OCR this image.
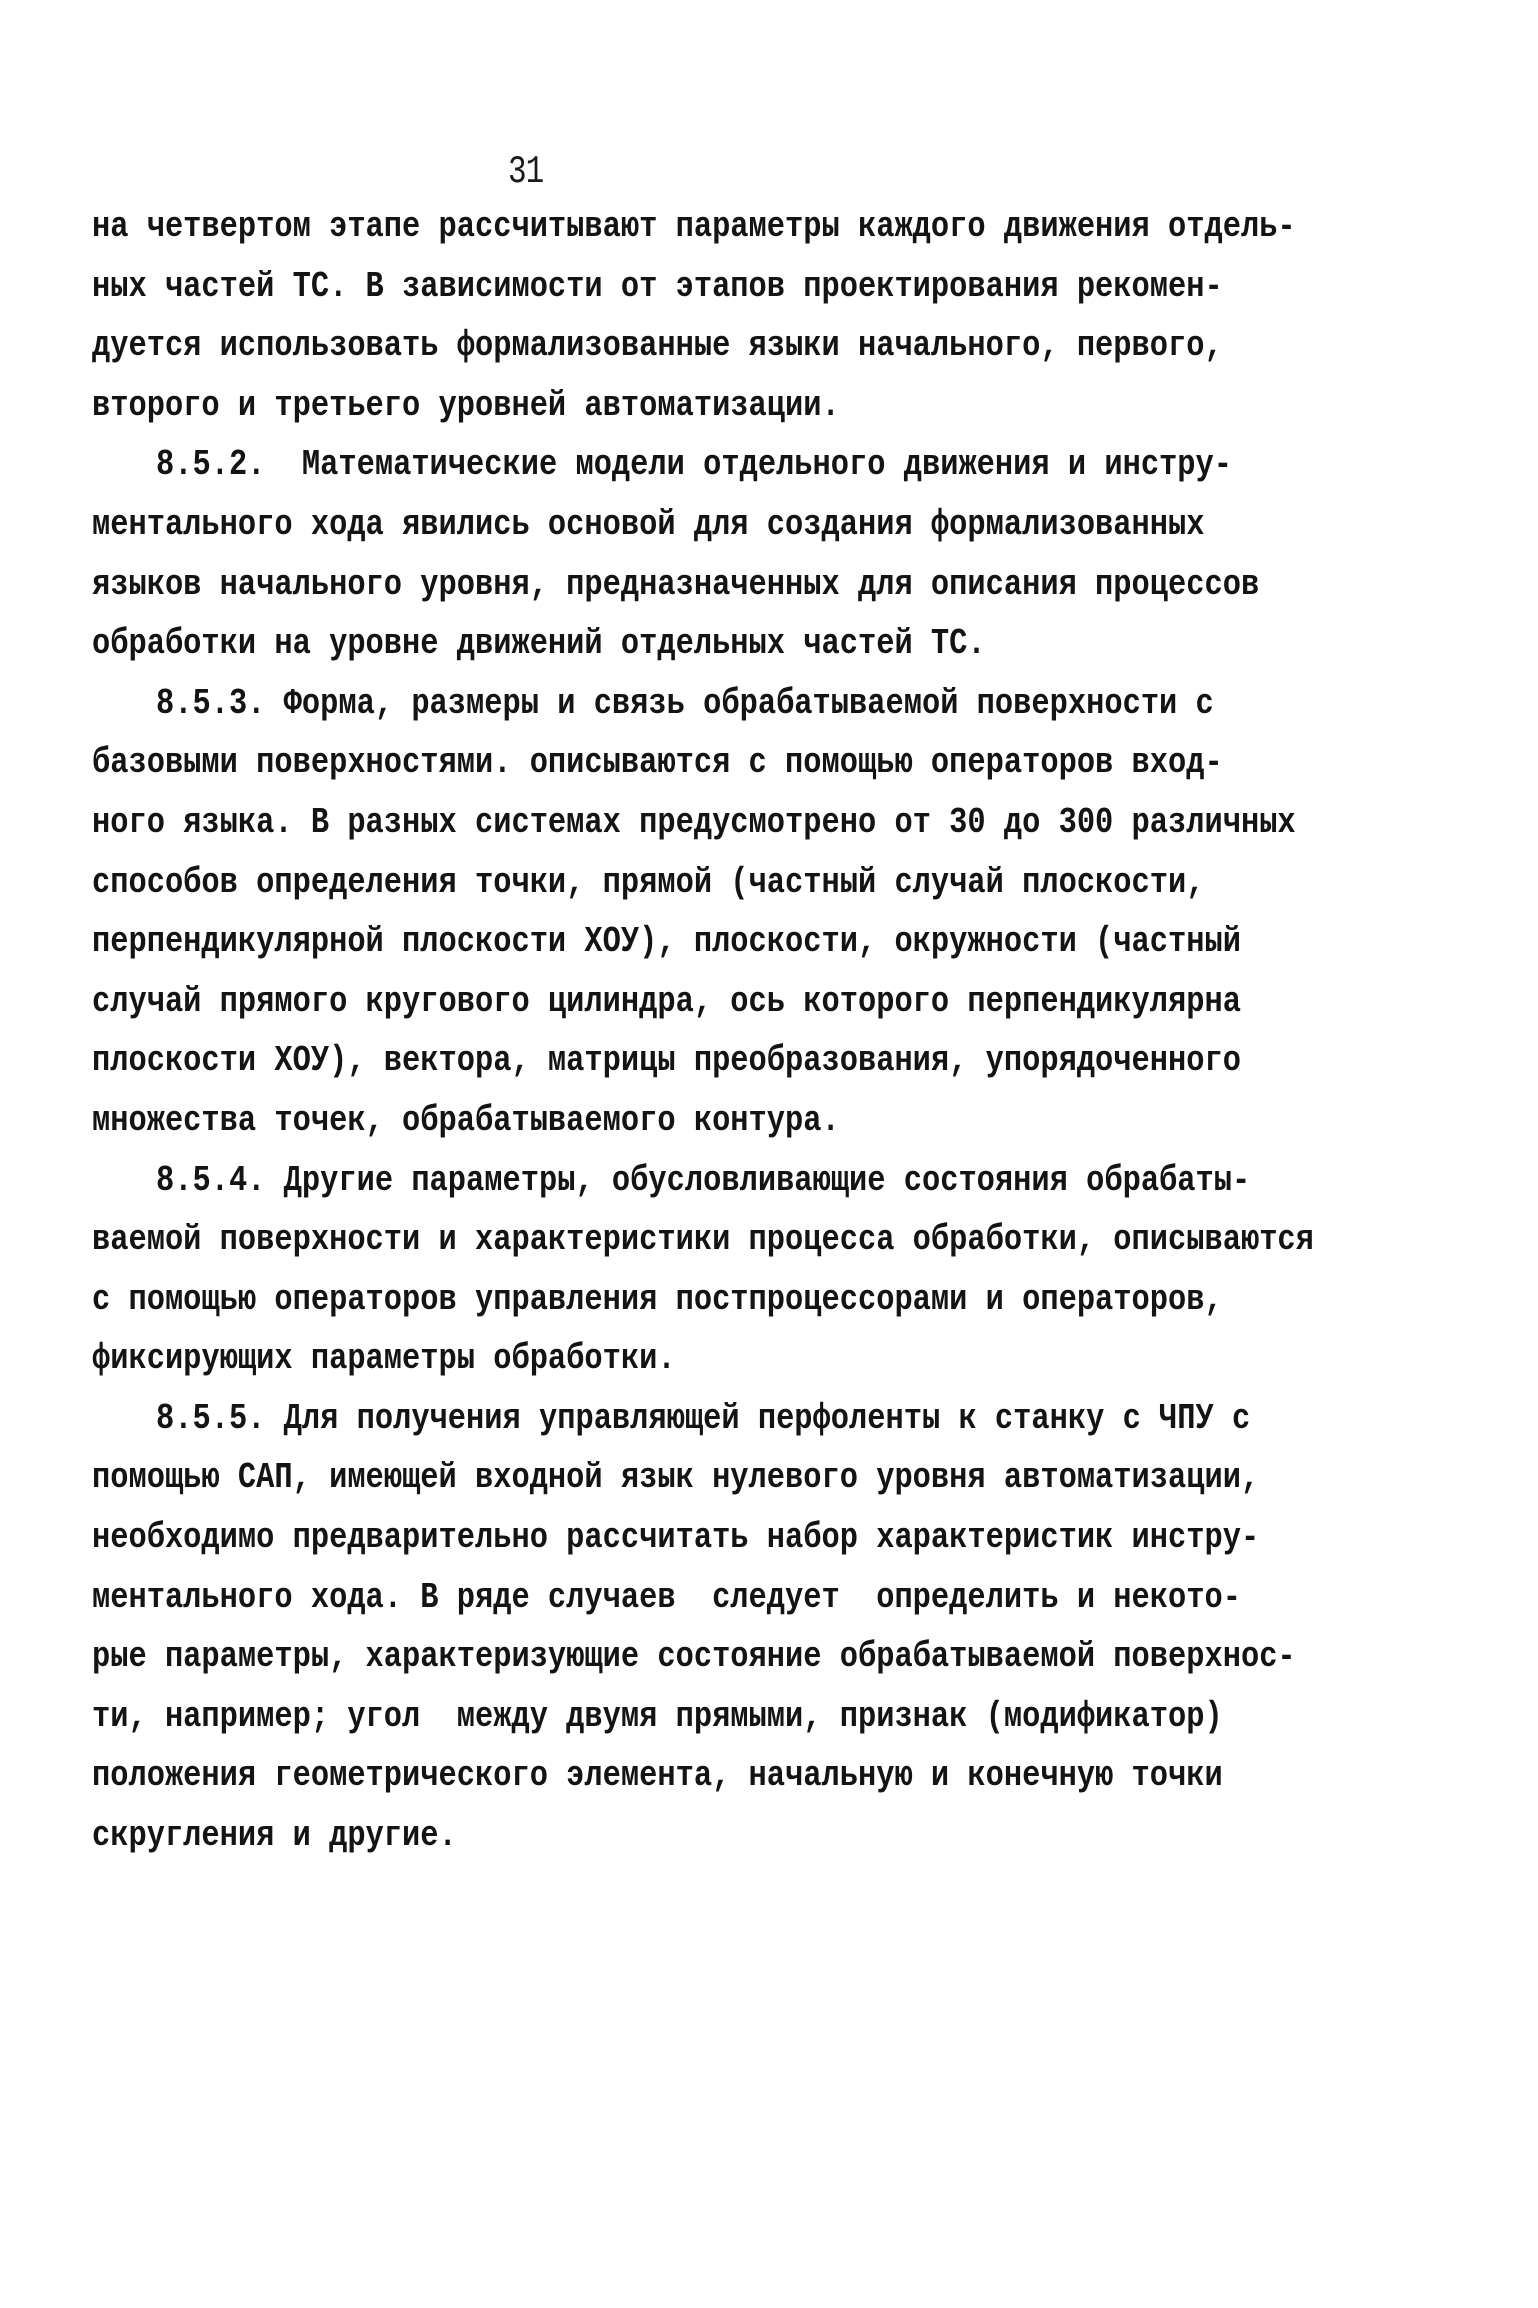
31
на четвертом этапе рассчитывают параметры каждого движения отдель-
ных частей ТС. В зависимости от этапов проектирования рекомен-
дуется использовать формализованные языки начального, первого,
второго и третьего уровней автоматизации.
8.5.2.  Математические модели отдельного движения и инстру-
ментального хода явились основой для создания формализованных
языков начального уровня, предназначенных для описания процессов
обработки на уровне движений отдельных частей ТС.
8.5.3. Форма, размеры и связь обрабатываемой поверхности с
базовыми поверхностями. описываются с помощью операторов вход-
ного языка. В разных системах предусмотрено от 30 до 300 различных
способов определения точки, прямой (частный случай плоскости,
перпендикулярной плоскости ХОУ), плоскости, окружности (частный
случай прямого кругового цилиндра, ось которого перпендикулярна
плоскости ХОУ), вектора, матрицы преобразования, упорядоченного
множества точек, обрабатываемого контура.
8.5.4. Другие параметры, обусловливающие состояния обрабаты-
ваемой поверхности и характеристики процесса обработки, описываются
с помощью операторов управления постпроцессорами и операторов,
фиксирующих параметры обработки.
8.5.5. Для получения управляющей перфоленты к станку с ЧПУ с
помощью САП, имеющей входной язык нулевого уровня автоматизации,
необходимо предварительно рассчитать набор характеристик инстру-
ментального хода. В ряде случаев  следует  определить и некото-
рые параметры, характеризующие состояние обрабатываемой поверхнос-
ти, например; угол  между двумя прямыми, признак (модификатор)
положения геометрического элемента, начальную и конечную точки
скругления и другие.
